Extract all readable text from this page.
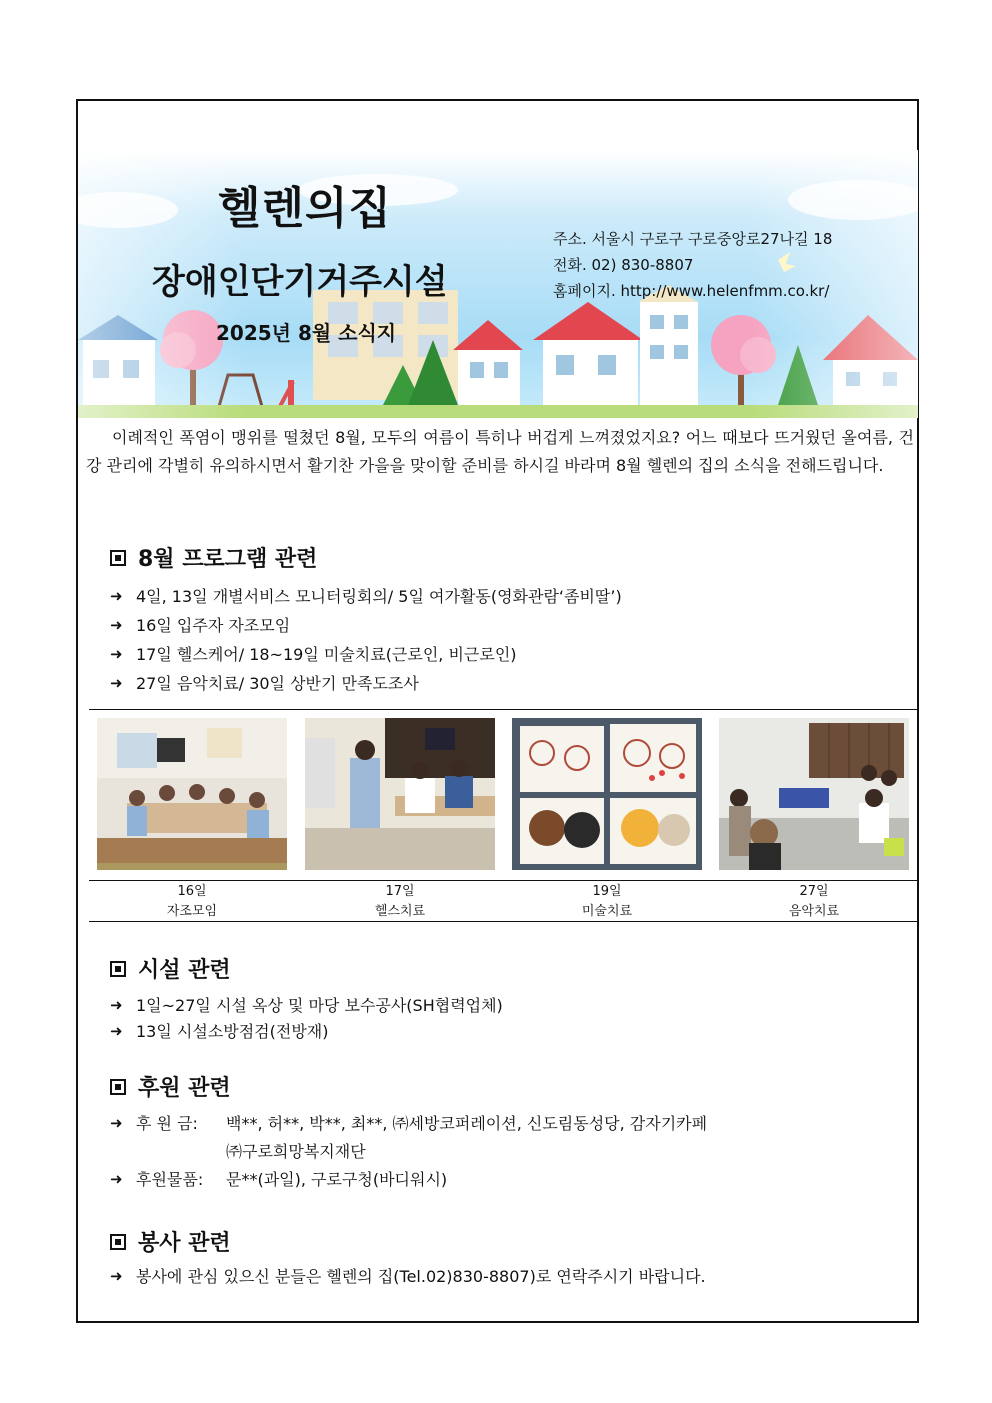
헬렌의집
장애인단기거주시설
2025년 8월 소식지
주소. 서울시 구로구 구로중앙로27나길 18
전화. 02) 830-8807
홈페이지. http://www.helenfmm.co.kr/

이례적인 폭염이 맹위를 떨쳤던 8월, 모두의 여름이 특히나 버겁게 느껴졌었지요? 어느 때보다 뜨거웠던 올여름, 건강 관리에 각별히 유의하시면서 활기찬 가을을 맞이할 준비를 하시길 바라며 8월 헬렌의 집의 소식을 전해드립니다.

8월 프로그램 관련
➜ 4일, 13일 개별서비스 모니터링회의/ 5일 여가활동(영화관람‘좀비딸’)
➜ 16일 입주자 자조모임
➜ 17일 헬스케어/ 18~19일 미술치료(근로인, 비근로인)
➜ 27일 음악치료/ 30일 상반기 만족도조사
16일
자조모임
17일
헬스치료
19일
미술치료
27일
음악치료
시설 관련
➜ 1일~27일 시설 옥상 및 마당 보수공사(SH협력업체)
➜ 13일 시설소방점검(전방재)
후원 관련
➜ 후 원 금:	백**, 허**, 박**, 최**, ㈜세방코퍼레이션, 신도림동성당, 감자기카페
㈜구로희망복지재단
➜ 후원물품:	문**(과일), 구로구청(바디워시)
봉사 관련
➜ 봉사에 관심 있으신 분들은 헬렌의 집(Tel.02)830-8807)로 연락주시기 바랍니다.
